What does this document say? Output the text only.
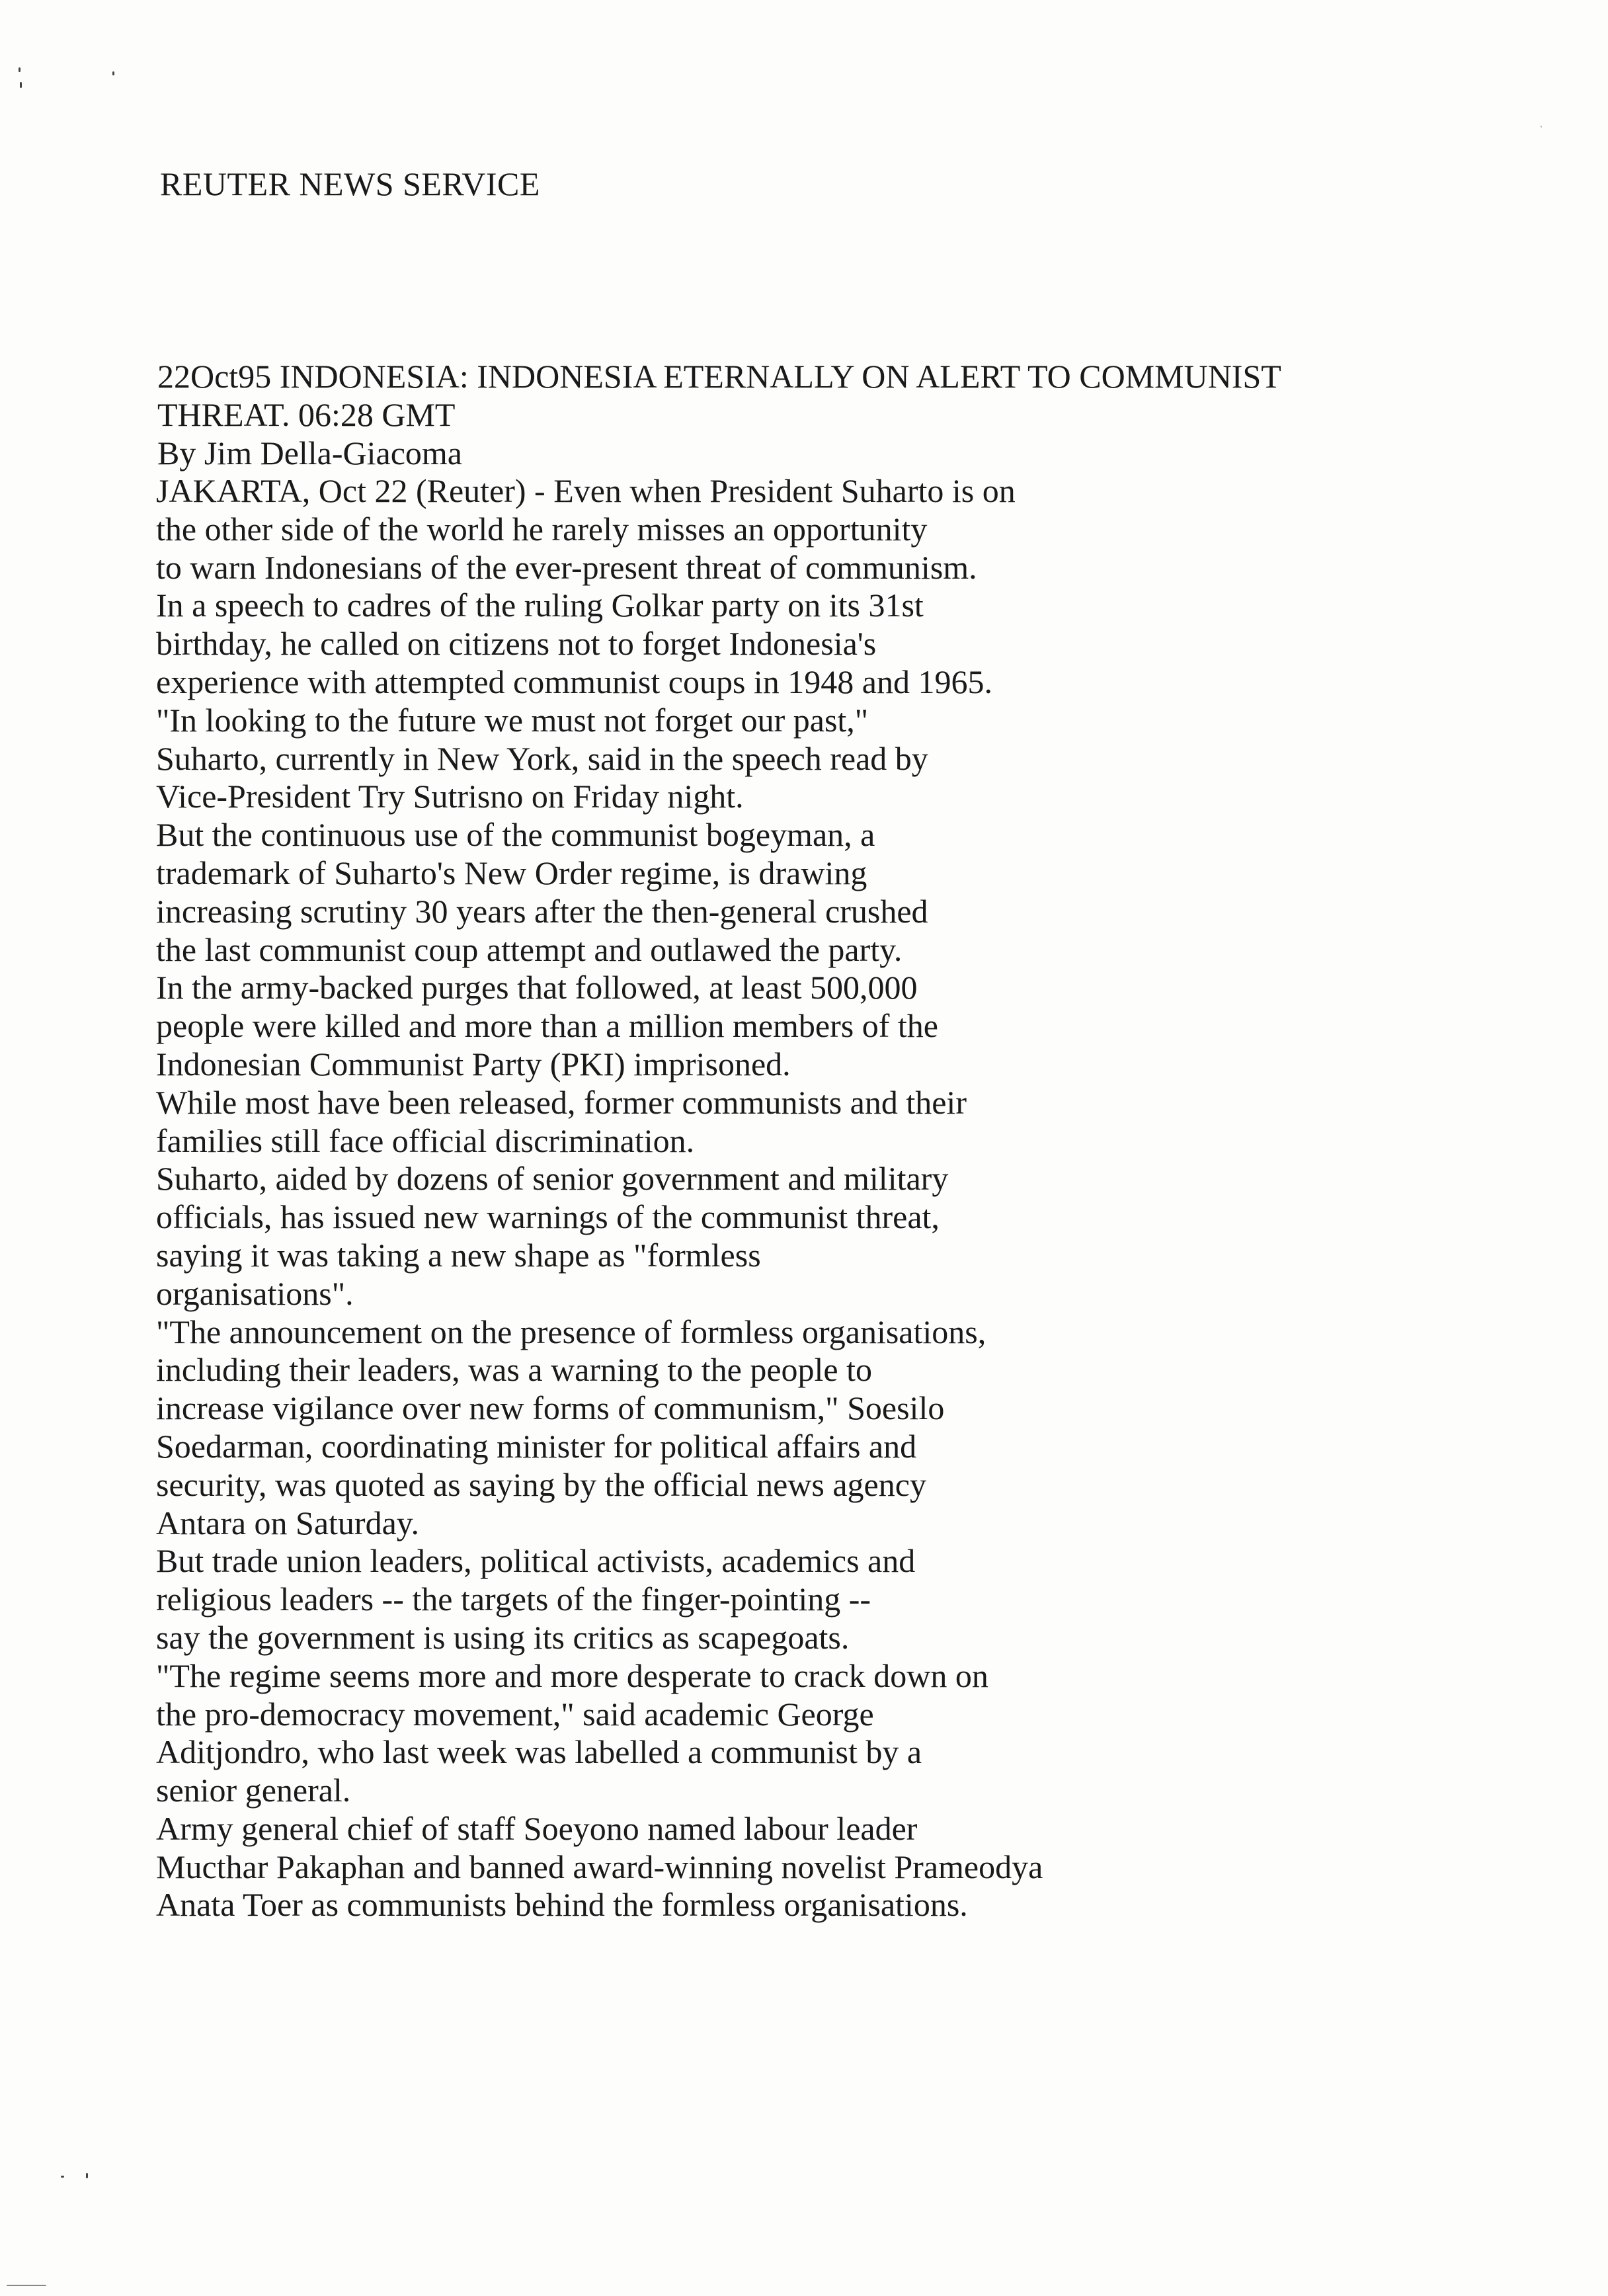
REUTER NEWS SERVICE
22Oct95 INDONESIA: INDONESIA ETERNALLY ON ALERT TO COMMUNIST
THREAT. 06:28 GMT
By Jim Della-Giacoma
JAKARTA, Oct 22 (Reuter) - Even when President Suharto is on
the other side of the world he rarely misses an opportunity
to warn Indonesians of the ever-present threat of communism.
In a speech to cadres of the ruling Golkar party on its 31st
birthday, he called on citizens not to forget Indonesia's
experience with attempted communist coups in 1948 and 1965.
"In looking to the future we must not forget our past,"
Suharto, currently in New York, said in the speech read by
Vice-President Try Sutrisno on Friday night.
But the continuous use of the communist bogeyman, a
trademark of Suharto's New Order regime, is drawing
increasing scrutiny 30 years after the then-general crushed
the last communist coup attempt and outlawed the party.
In the army-backed purges that followed, at least 500,000
people were killed and more than a million members of the
Indonesian Communist Party (PKI) imprisoned.
While most have been released, former communists and their
families still face official discrimination.
Suharto, aided by dozens of senior government and military
officials, has issued new warnings of the communist threat,
saying it was taking a new shape as "formless
organisations".
"The announcement on the presence of formless organisations,
including their leaders, was a warning to the people to
increase vigilance over new forms of communism," Soesilo
Soedarman, coordinating minister for political affairs and
security, was quoted as saying by the official news agency
Antara on Saturday.
But trade union leaders, political activists, academics and
religious leaders -- the targets of the finger-pointing --
say the government is using its critics as scapegoats.
"The regime seems more and more desperate to crack down on
the pro-democracy movement," said academic George
Aditjondro, who last week was labelled a communist by a
senior general.
Army general chief of staff Soeyono named labour leader
Mucthar Pakaphan and banned award-winning novelist Prameodya
Anata Toer as communists behind the formless organisations.
